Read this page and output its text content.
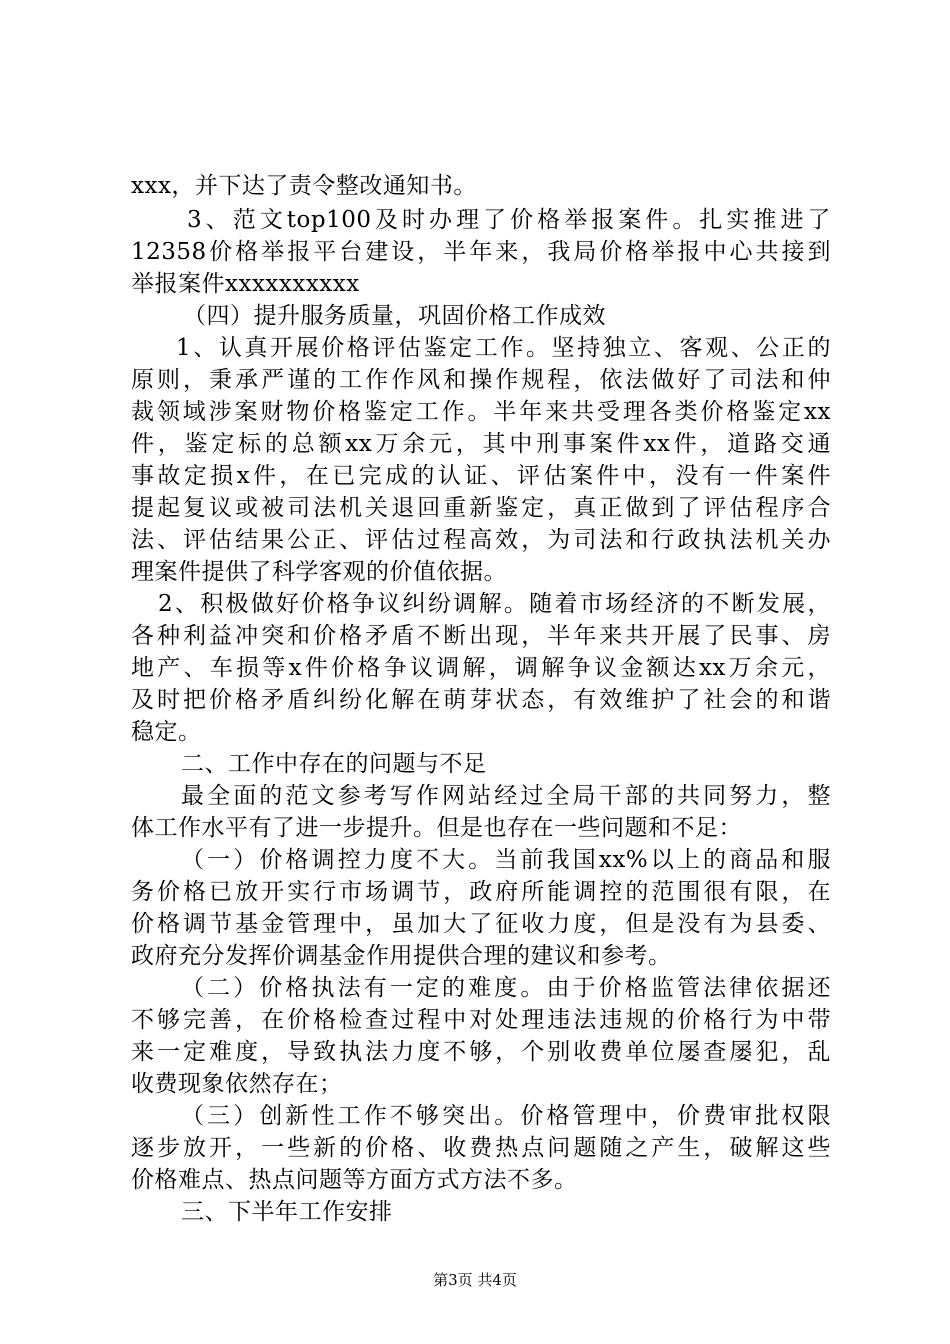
xxx，并下达了责令整改通知书。
3、范文top100及时办理了价格举报案件。扎实推进了
12358价格举报平台建设，半年来，我局价格举报中心共接到
举报案件xxxxxxxxxx
（四）提升服务质量，巩固价格工作成效
1、认真开展价格评估鉴定工作。坚持独立、客观、公正的
原则，秉承严谨的工作作风和操作规程，依法做好了司法和仲
裁领域涉案财物价格鉴定工作。半年来共受理各类价格鉴定xx
件，鉴定标的总额xx万余元，其中刑事案件xx件，道路交通
事故定损x件，在已完成的认证、评估案件中，没有一件案件
提起复议或被司法机关退回重新鉴定，真正做到了评估程序合
法、评估结果公正、评估过程高效，为司法和行政执法机关办
理案件提供了科学客观的价值依据。
2、积极做好价格争议纠纷调解。随着市场经济的不断发展，
各种利益冲突和价格矛盾不断出现，半年来共开展了民事、房
地产、车损等x件价格争议调解，调解争议金额达xx万余元，
及时把价格矛盾纠纷化解在萌芽状态，有效维护了社会的和谐
稳定。
二、工作中存在的问题与不足
最全面的范文参考写作网站经过全局干部的共同努力，整
体工作水平有了进一步提升。但是也存在一些问题和不足：
（一）价格调控力度不大。当前我国xx%以上的商品和服
务价格已放开实行市场调节，政府所能调控的范围很有限，在
价格调节基金管理中，虽加大了征收力度，但是没有为县委、
政府充分发挥价调基金作用提供合理的建议和参考。
（二）价格执法有一定的难度。由于价格监管法律依据还
不够完善，在价格检查过程中对处理违法违规的价格行为中带
来一定难度，导致执法力度不够，个别收费单位屡查屡犯，乱
收费现象依然存在；
（三）创新性工作不够突出。价格管理中，价费审批权限
逐步放开，一些新的价格、收费热点问题随之产生，破解这些
价格难点、热点问题等方面方式方法不多。
三、下半年工作安排
第3页 共4页
